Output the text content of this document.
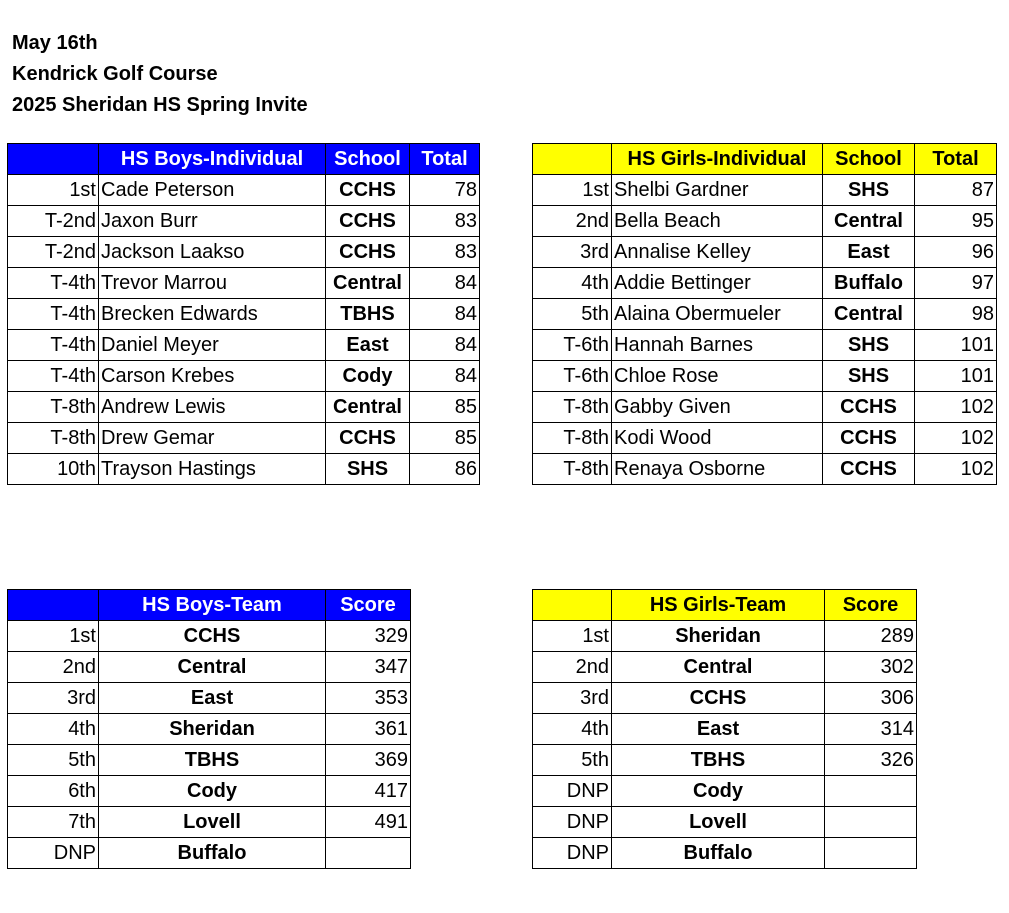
May 16th
Kendrick Golf Course
2025 Sheridan HS Spring Invite
	HS Boys-Individual	School	Total
1st	Cade Peterson	CCHS	78
T-2nd	Jaxon Burr	CCHS	83
T-2nd	Jackson Laakso	CCHS	83
T-4th	Trevor Marrou	Central	84
T-4th	Brecken Edwards	TBHS	84
T-4th	Daniel Meyer	East	84
T-4th	Carson Krebes	Cody	84
T-8th	Andrew Lewis	Central	85
T-8th	Drew Gemar	CCHS	85
10th	Trayson Hastings	SHS	86
	HS Girls-Individual	School	Total
1st	Shelbi Gardner	SHS	87
2nd	Bella Beach	Central	95
3rd	Annalise Kelley	East	96
4th	Addie Bettinger	Buffalo	97
5th	Alaina Obermueler	Central	98
T-6th	Hannah Barnes	SHS	101
T-6th	Chloe Rose	SHS	101
T-8th	Gabby Given	CCHS	102
T-8th	Kodi Wood	CCHS	102
T-8th	Renaya Osborne	CCHS	102
	HS Boys-Team	Score
1st	CCHS	329
2nd	Central	347
3rd	East	353
4th	Sheridan	361
5th	TBHS	369
6th	Cody	417
7th	Lovell	491
DNP	Buffalo	
	HS Girls-Team	Score
1st	Sheridan	289
2nd	Central	302
3rd	CCHS	306
4th	East	314
5th	TBHS	326
DNP	Cody	
DNP	Lovell	
DNP	Buffalo	
